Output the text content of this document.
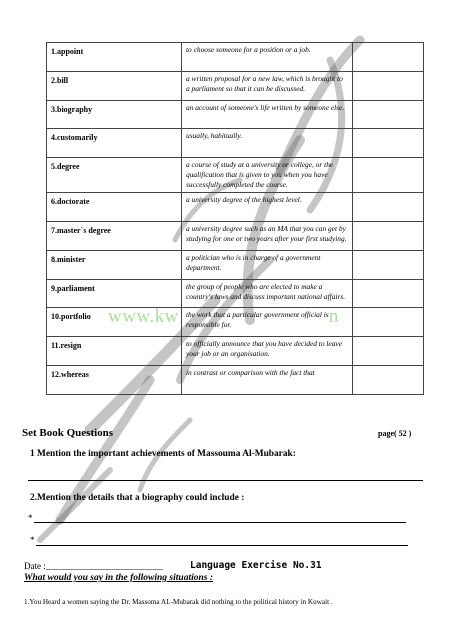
1.appoint	to choose someone for a position or a job.	
2.bill	a written proposal for a new law, which is brought to a parliament so that it can be discussed.	
3.biography	an account of someone's life written by someone else.	
4.customarily	usually, habitually.	
5.degree	a course of study at a university or college, or the qualification that is given to you when you have successfully completed the course.	
6.doctorate	a university degree of the highest level.	
7.master`s degree	a university degree such as an MA that you can get by studying for one or two years after your first studying.	
8.minister	a politician who is in charge of a government department.	
9.parliament	the group of people who are elected to make a country's laws and discuss important national affairs.	
10.portfolio	the work that a particular government official is responsible for.	
11.resign	to officially announce that you have decided to leave your job or an organisation.	
12.whereas	in contrast or comparison with the fact that	
www.kw	n
Set Book Questions	page( 52 )
1 Mention the important achievements of Massouma Al-Mubarak:
2.Mention the details that a biography could include :
*
*
Date :__________________________	Language Exercise No.31
What would you say in the following situations :
1.You Heard a women saying the Dr. Massoma AL-Mubarak did nothing to the political history in Kuwait .
